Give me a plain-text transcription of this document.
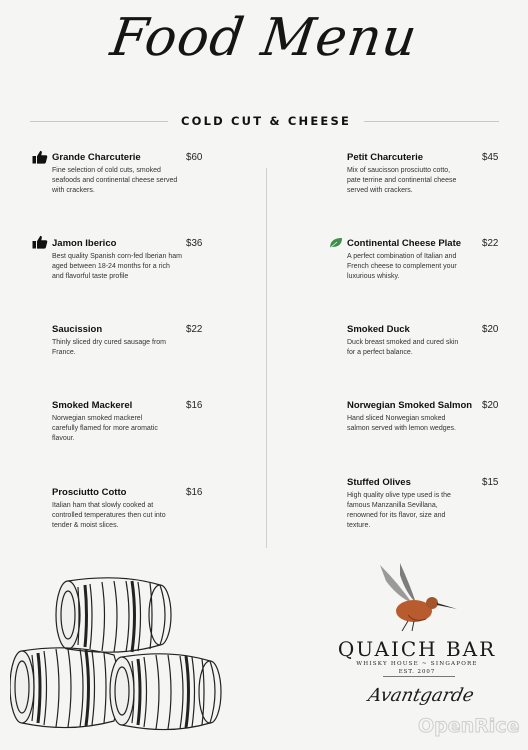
Food Menu
COLD CUT & CHEESE
Grande Charcuterie	$60
Fine selection of cold cuts, smoked seafoods and continental cheese served with crackers.
Jamon Iberico	$36
Best quality Spanish corn-fed Iberian ham aged between 18-24 months for a rich and flavorful taste profile
Saucission	$22
Thinly sliced dry cured sausage from France.
Smoked Mackerel	$16
Norwegian smoked mackerel carefully flamed for more aromatic flavour.
Prosciutto Cotto	$16
Italian ham that slowly cooked at controlled temperatures then cut into tender & moist slices.
Petit Charcuterie	$45
Mix of saucisson prosciutto cotto, pate terrine and continental cheese served with crackers.
Continental Cheese Plate $22
A perfect combination of Italian and French cheese to complement your luxurious whisky.
Smoked Duck	$20
Duck breast smoked and cured skin for a perfect balance.
Norwegian Smoked Salmon $20
Hand sliced Norwegian smoked salmon served with lemon wedges.
Stuffed Olives	$15
High quality olive type used is the famous Manzanilla Sevillana, renowned for its flavor, size and texture.
QUAICH BAR
WHISKY HOUSE ~ SINGAPORE
EST. 2007
Avantgarde
OpenRice
